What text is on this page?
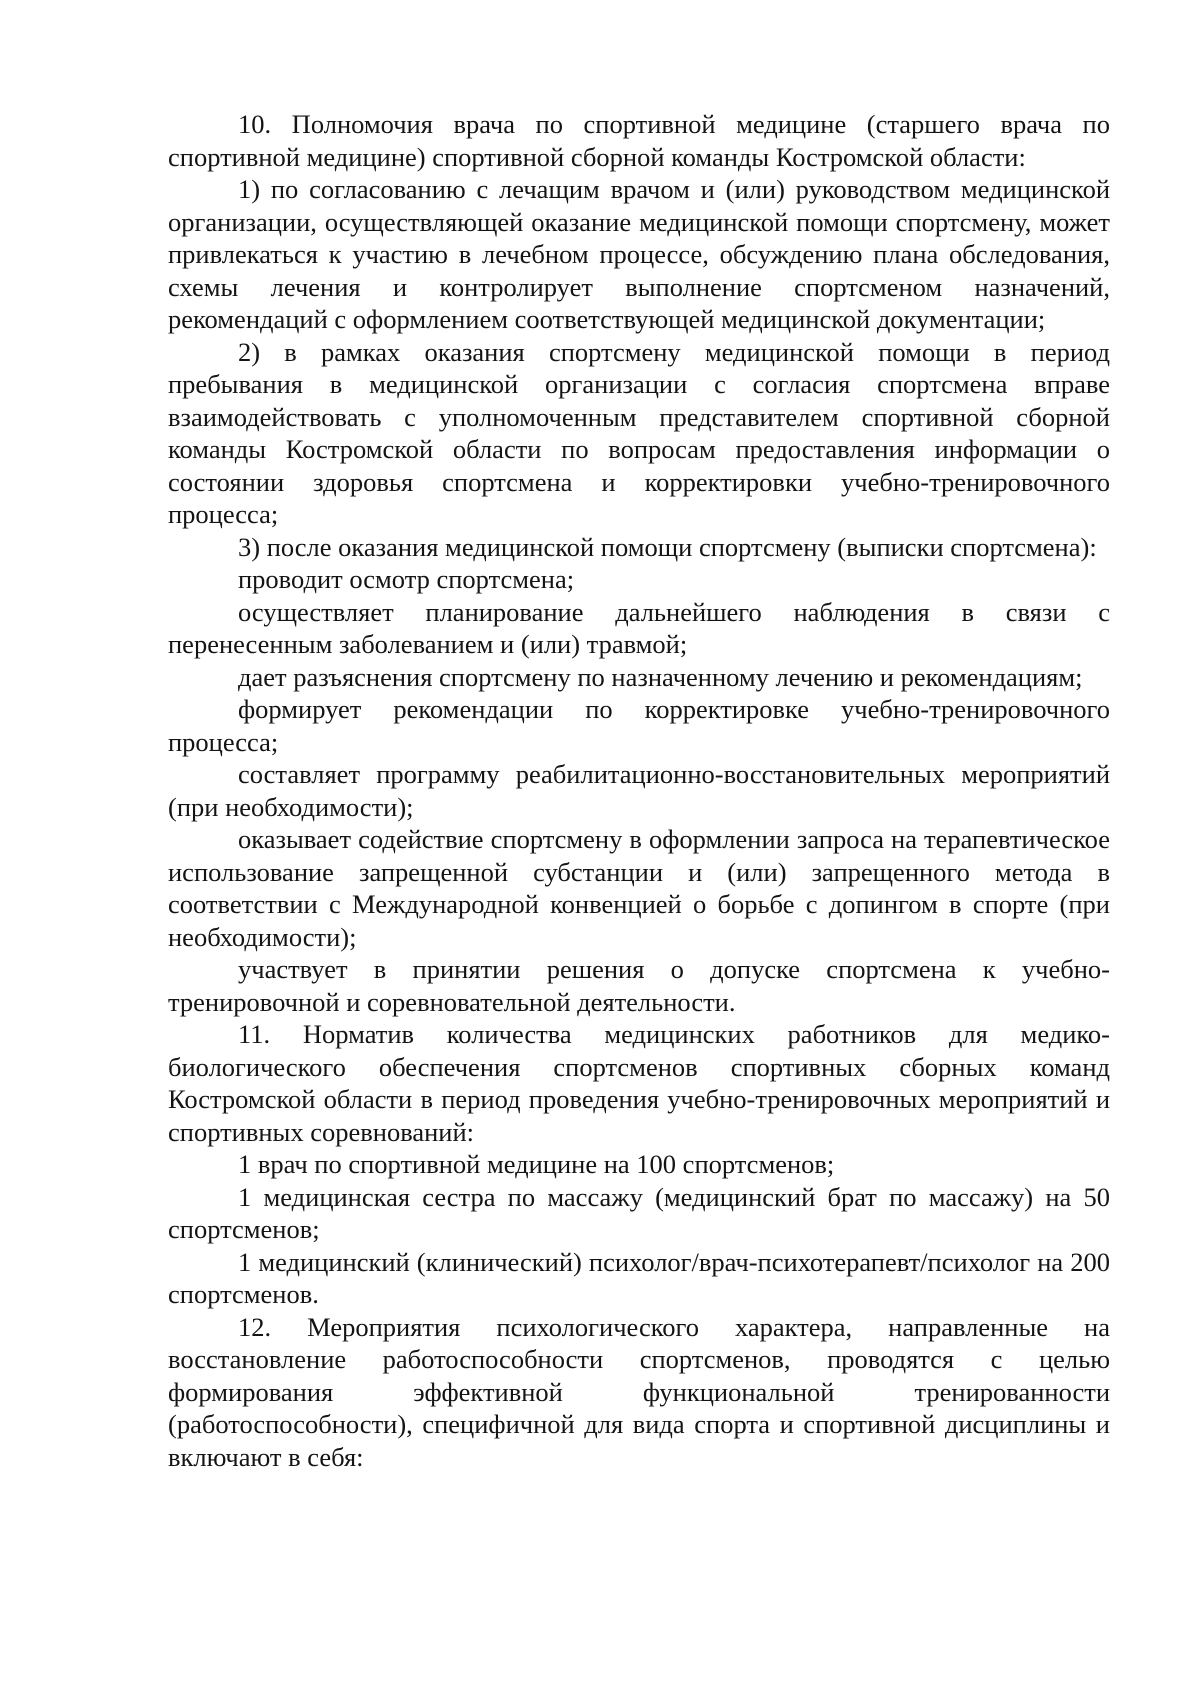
10. Полномочия врача по спортивной медицине (старшего врача по спортивной медицине) спортивной сборной команды Костромской области:

1) по согласованию с лечащим врачом и (или) руководством медицинской организации, осуществляющей оказание медицинской помощи спортсмену, может привлекаться к участию в лечебном процессе, обсуждению плана обследования, схемы лечения и контролирует выполнение спортсменом назначений, рекомендаций с оформлением соответствующей медицинской документации;

2) в рамках оказания спортсмену медицинской помощи в период пребывания в медицинской организации с согласия спортсмена вправе взаимодействовать с уполномоченным представителем спортивной сборной команды Костромской области по вопросам предоставления информации о состоянии здоровья спортсмена и корректировки учебно-тренировочного процесса;

3) после оказания медицинской помощи спортсмену (выписки спортсмена):

проводит осмотр спортсмена;

осуществляет планирование дальнейшего наблюдения в связи с перенесенным заболеванием и (или) травмой;

дает разъяснения спортсмену по назначенному лечению и рекомендациям;

формирует рекомендации по корректировке учебно-тренировочного процесса;

составляет программу реабилитационно-восстановительных мероприятий (при необходимости);

оказывает содействие спортсмену в оформлении запроса на терапевтическое использование запрещенной субстанции и (или) запрещенного метода в соответствии с Международной конвенцией о борьбе с допингом в спорте (при необходимости);

участвует в принятии решения о допуске спортсмена к учебно-тренировочной и соревновательной деятельности.

11. Норматив количества медицинских работников для медико-биологического обеспечения спортсменов спортивных сборных команд Костромской области в период проведения учебно-тренировочных мероприятий и спортивных соревнований:

1 врач по спортивной медицине на 100 спортсменов;

1 медицинская сестра по массажу (медицинский брат по массажу) на 50 спортсменов;

1 медицинский (клинический) психолог/врач-психотерапевт/психолог на 200 спортсменов.

12. Мероприятия психологического характера, направленные на восстановление работоспособности спортсменов, проводятся с целью формирования эффективной функциональной тренированности (работоспособности), специфичной для вида спорта и спортивной дисциплины и включают в себя:
